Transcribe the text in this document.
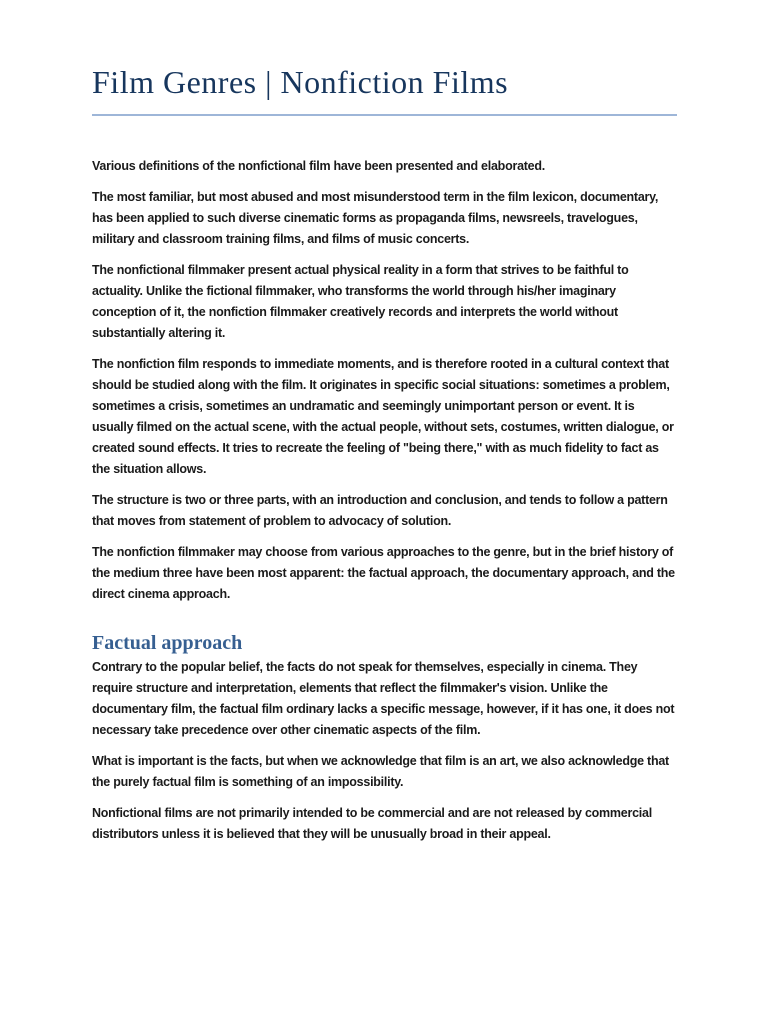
Film Genres | Nonfiction Films

Various definitions of the nonfictional film have been presented and elaborated.

The most familiar, but most abused and most misunderstood term in the film lexicon, documentary, has been applied to such diverse cinematic forms as propaganda films, newsreels, travelogues, military and classroom training films, and films of music concerts.

The nonfictional filmmaker present actual physical reality in a form that strives to be faithful to actuality. Unlike the fictional filmmaker, who transforms the world through his/her imaginary conception of it, the nonfiction filmmaker creatively records and interprets the world without substantially altering it.

The nonfiction film responds to immediate moments, and is therefore rooted in a cultural context that should be studied along with the film. It originates in specific social situations: sometimes a problem, sometimes a crisis, sometimes an undramatic and seemingly unimportant person or event. It is usually filmed on the actual scene, with the actual people, without sets, costumes, written dialogue, or created sound effects. It tries to recreate the feeling of "being there," with as much fidelity to fact as the situation allows.

The structure is two or three parts, with an introduction and conclusion, and tends to follow a pattern that moves from statement of problem to advocacy of solution.

The nonfiction filmmaker may choose from various approaches to the genre, but in the brief history of the medium three have been most apparent: the factual approach, the documentary approach, and the direct cinema approach.

Factual approach

Contrary to the popular belief, the facts do not speak for themselves, especially in cinema. They require structure and interpretation, elements that reflect the filmmaker's vision. Unlike the documentary film, the factual film ordinary lacks a specific message, however, if it has one, it does not necessary take precedence over other cinematic aspects of the film.

What is important is the facts, but when we acknowledge that film is an art, we also acknowledge that the purely factual film is something of an impossibility.

Nonfictional films are not primarily intended to be commercial and are not released by commercial distributors unless it is believed that they will be unusually broad in their appeal.
